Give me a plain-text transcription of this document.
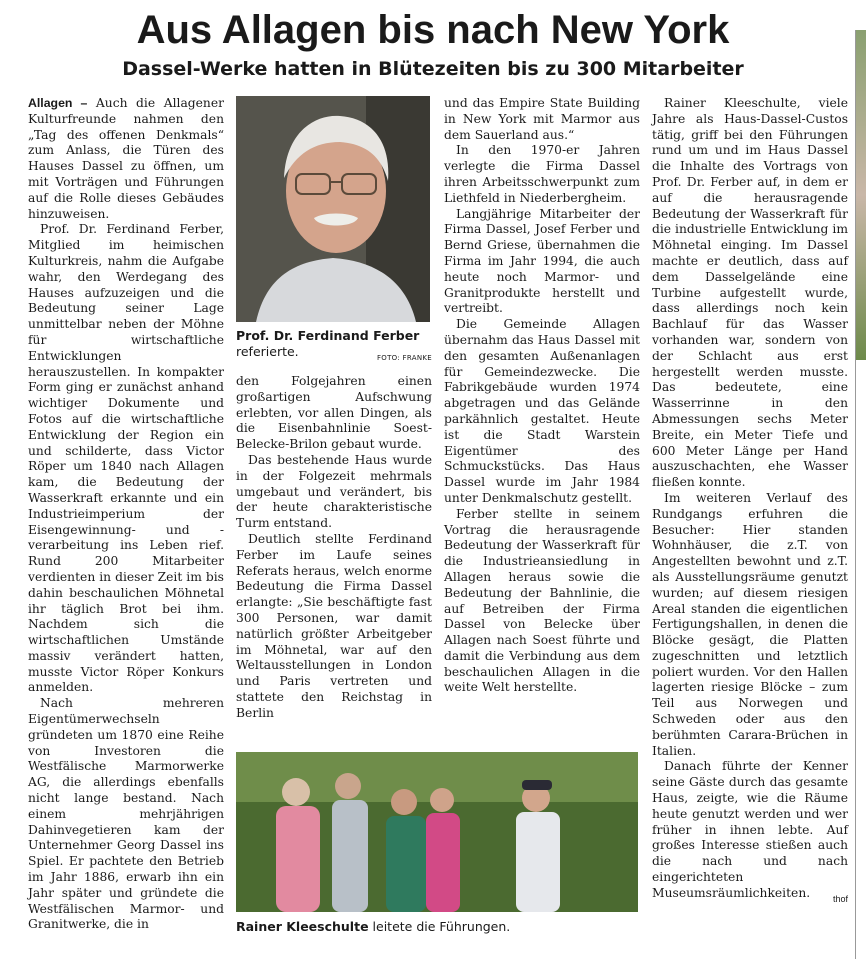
Aus Allagen bis nach New York
Dassel-Werke hatten in Blütezeiten bis zu 300 Mitarbeiter

Allagen – Auch die Allagener Kulturfreunde nahmen den „Tag des offenen Denkmals“ zum Anlass, die Türen des Hauses Dassel zu öffnen, um mit Vorträgen und Führungen auf die Rolle dieses Gebäudes hinzuweisen.

Prof. Dr. Ferdinand Ferber, Mitglied im heimischen Kulturkreis, nahm die Aufgabe wahr, den Werdegang des Hauses aufzuzeigen und die Bedeutung seiner Lage unmittelbar neben der Möhne für wirtschaftliche Entwicklungen herauszustellen. In kompakter Form ging er zunächst anhand wichtiger Dokumente und Fotos auf die wirtschaftliche Entwicklung der Region ein und schilderte, dass Victor Röper um 1840 nach Allagen kam, die Bedeutung der Wasserkraft erkannte und ein Industrieimperium der Eisengewinnung- und -verarbeitung ins Leben rief. Rund 200 Mitarbeiter verdienten in dieser Zeit im bis dahin beschaulichen Möhnetal ihr täglich Brot bei ihm. Nachdem sich die wirtschaftlichen Umstände massiv verändert hatten, musste Victor Röper Konkurs anmelden.

Nach mehreren Eigentümerwechseln gründeten um 1870 eine Reihe von Investoren die Westfälische Marmorwerke AG, die allerdings ebenfalls nicht lange bestand. Nach einem mehrjährigen Dahinvegetieren kam der Unternehmer Georg Dassel ins Spiel. Er pachtete den Betrieb im Jahr 1886, erwarb ihn ein Jahr später und gründete die Westfälischen Marmor- und Granitwerke, die in

Prof. Dr. Ferdinand Ferber referierte.	FOTO: FRANKE

den Folgejahren einen großartigen Aufschwung erlebten, vor allen Dingen, als die Eisenbahnlinie Soest-Belecke-Brilon gebaut wurde.

Das bestehende Haus wurde in der Folgezeit mehrmals umgebaut und verändert, bis der heute charakteristische Turm entstand.

Deutlich stellte Ferdinand Ferber im Laufe seines Referats heraus, welch enorme Bedeutung die Firma Dassel erlangte: „Sie beschäftigte fast 300 Personen, war damit natürlich größter Arbeitgeber im Möhnetal, war auf den Weltausstellungen in London und Paris vertreten und stattete den Reichstag in Berlin

und das Empire State Building in New York mit Marmor aus dem Sauerland aus.“

In den 1970-er Jahren verlegte die Firma Dassel ihren Arbeitsschwerpunkt zum Liethfeld in Niederbergheim.

Langjährige Mitarbeiter der Firma Dassel, Josef Ferber und Bernd Griese, übernahmen die Firma im Jahr 1994, die auch heute noch Marmor- und Granitprodukte herstellt und vertreibt.

Die Gemeinde Allagen übernahm das Haus Dassel mit den gesamten Außenanlagen für Gemeindezwecke. Die Fabrikgebäude wurden 1974 abgetragen und das Gelände parkähnlich gestaltet. Heute ist die Stadt Warstein Eigentümer des Schmuckstücks. Das Haus Dassel wurde im Jahr 1984 unter Denkmalschutz gestellt.

Ferber stellte in seinem Vortrag die herausragende Bedeutung der Wasserkraft für die Industrieansiedlung in Allagen heraus sowie die Bedeutung der Bahnlinie, die auf Betreiben der Firma Dassel von Belecke über Allagen nach Soest führte und damit die Verbindung aus dem beschaulichen Allagen in die weite Welt herstellte.

Rainer Kleeschulte, viele Jahre als Haus-Dassel-Custos tätig, griff bei den Führungen rund um und im Haus Dassel die Inhalte des Vortrags von Prof. Dr. Ferber auf, in dem er auf die herausragende Bedeutung der Wasserkraft für die industrielle Entwicklung im Möhnetal einging. Im Dassel machte er deutlich, dass auf dem Dasselgelände eine Turbine aufgestellt wurde, dass allerdings noch kein Bachlauf für das Wasser vorhanden war, sondern von der Schlacht aus erst hergestellt werden musste. Das bedeutete, eine Wasserrinne in den Abmessungen sechs Meter Breite, ein Meter Tiefe und 600 Meter Länge per Hand auszuschachten, ehe Wasser fließen konnte.

Im weiteren Verlauf des Rundgangs erfuhren die Besucher: Hier standen Wohnhäuser, die z.T. von Angestellten bewohnt und z.T. als Ausstellungsräume genutzt wurden; auf diesem riesigen Areal standen die eigentlichen Fertigungshallen, in denen die Blöcke gesägt, die Platten zugeschnitten und letztlich poliert wurden. Vor den Hallen lagerten riesige Blöcke – zum Teil aus Norwegen und Schweden oder aus den berühmten Carara-Brüchen in Italien.

Danach führte der Kenner seine Gäste durch das gesamte Haus, zeigte, wie die Räume heute genutzt werden und wer früher in ihnen lebte. Auf großes Interesse stießen auch die nach und nach eingerichteten Museumsräumlichkeiten.	thof
Rainer Kleeschulte leitete die Führungen.
